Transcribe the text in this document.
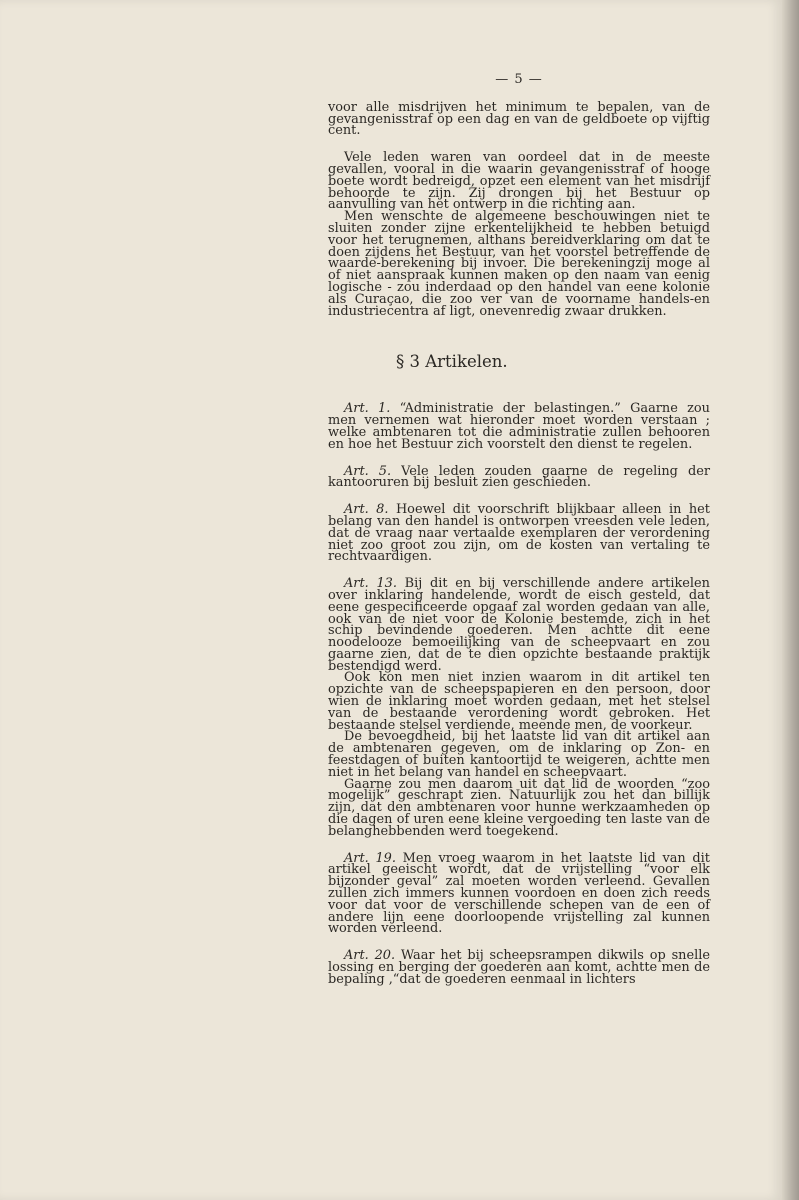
— 5 —

voor alle misdrijven het minimum te bepalen, van de gevangenisstraf op een dag en van de geldboete op vijftig cent.

Vele leden waren van oordeel dat in de meeste gevallen, vooral in die waarin gevangenisstraf of hooge boete wordt bedreigd, opzet een element van het misdrijf behoorde te zijn. Zij drongen bij het Bestuur op aanvulling van het ontwerp in die richting aan.

Men wenschte de algemeene beschouwingen niet te sluiten zonder zijne erkentelijkheid te hebben betuigd voor het terugnemen, althans bereidverklaring om dat te doen zijdens het Bestuur, van het voorstel betreffende de waarde-berekening bij invoer. Die berekeningzij moge al of niet aanspraak kunnen maken op den naam van eenig logische - zou inderdaad op den handel van eene kolonie als Curaçao, die zoo ver van de voorname handels-en industriecentra af ligt, onevenredig zwaar drukken.

§ 3 Artikelen.

Art. 1. “Administratie der belastingen.” Gaarne zou men vernemen wat hieronder moet worden verstaan ; welke ambtenaren tot die administratie zullen behooren en hoe het Bestuur zich voorstelt den dienst te regelen.

Art. 5. Vele leden zouden gaarne de regeling der kantooruren bij besluit zien geschieden.

Art. 8. Hoewel dit voorschrift blijkbaar alleen in het belang van den handel is ontworpen vreesden vele leden, dat de vraag naar vertaalde exemplaren der verordening niet zoo groot zou zijn, om de kosten van vertaling te rechtvaardigen.

Art. 13. Bij dit en bij verschillende andere artikelen over inklaring handelende, wordt de eisch gesteld, dat eene gespecificeerde opgaaf zal worden gedaan van alle, ook van de niet voor de Kolonie bestemde, zich in het schip bevindende goederen. Men achtte dit eene noodelooze bemoeilijking van de scheepvaart en zou gaarne zien, dat de te dien opzichte bestaande praktijk bestendigd werd.

Ook kon men niet inzien waarom in dit artikel ten opzichte van de scheepspapieren en den persoon, door wien de inklaring moet worden gedaan, met het stelsel van de bestaande verordening wordt gebroken. Het bestaande stelsel verdiende, meende men, de voorkeur.

De bevoegdheid, bij het laatste lid van dit artikel aan de ambtenaren gegeven, om de inklaring op Zon- en feestdagen of buiten kantoortijd te weigeren, achtte men niet in het belang van handel en scheepvaart.

Gaarne zou men daarom uit dat lid de woorden “zoo mogelijk” geschrapt zien. Natuurlijk zou het dan billijk zijn, dat den ambtenaren voor hunne werkzaamheden op die dagen of uren eene kleine vergoeding ten laste van de belanghebbenden werd toegekend.

Art. 19. Men vroeg waarom in het laatste lid van dit artikel geeischt wordt, dat de vrijstelling “voor elk bijzonder geval” zal moeten worden verleend. Gevallen zullen zich immers kunnen voordoen en doen zich reeds voor dat voor de verschillende schepen van de een of andere lijn eene doorloopende vrijstelling zal kunnen worden verleend.

Art. 20. Waar het bij scheepsrampen dikwils op snelle lossing en berging der goederen aan komt, achtte men de bepaling ,“dat de goederen eenmaal in lichters
